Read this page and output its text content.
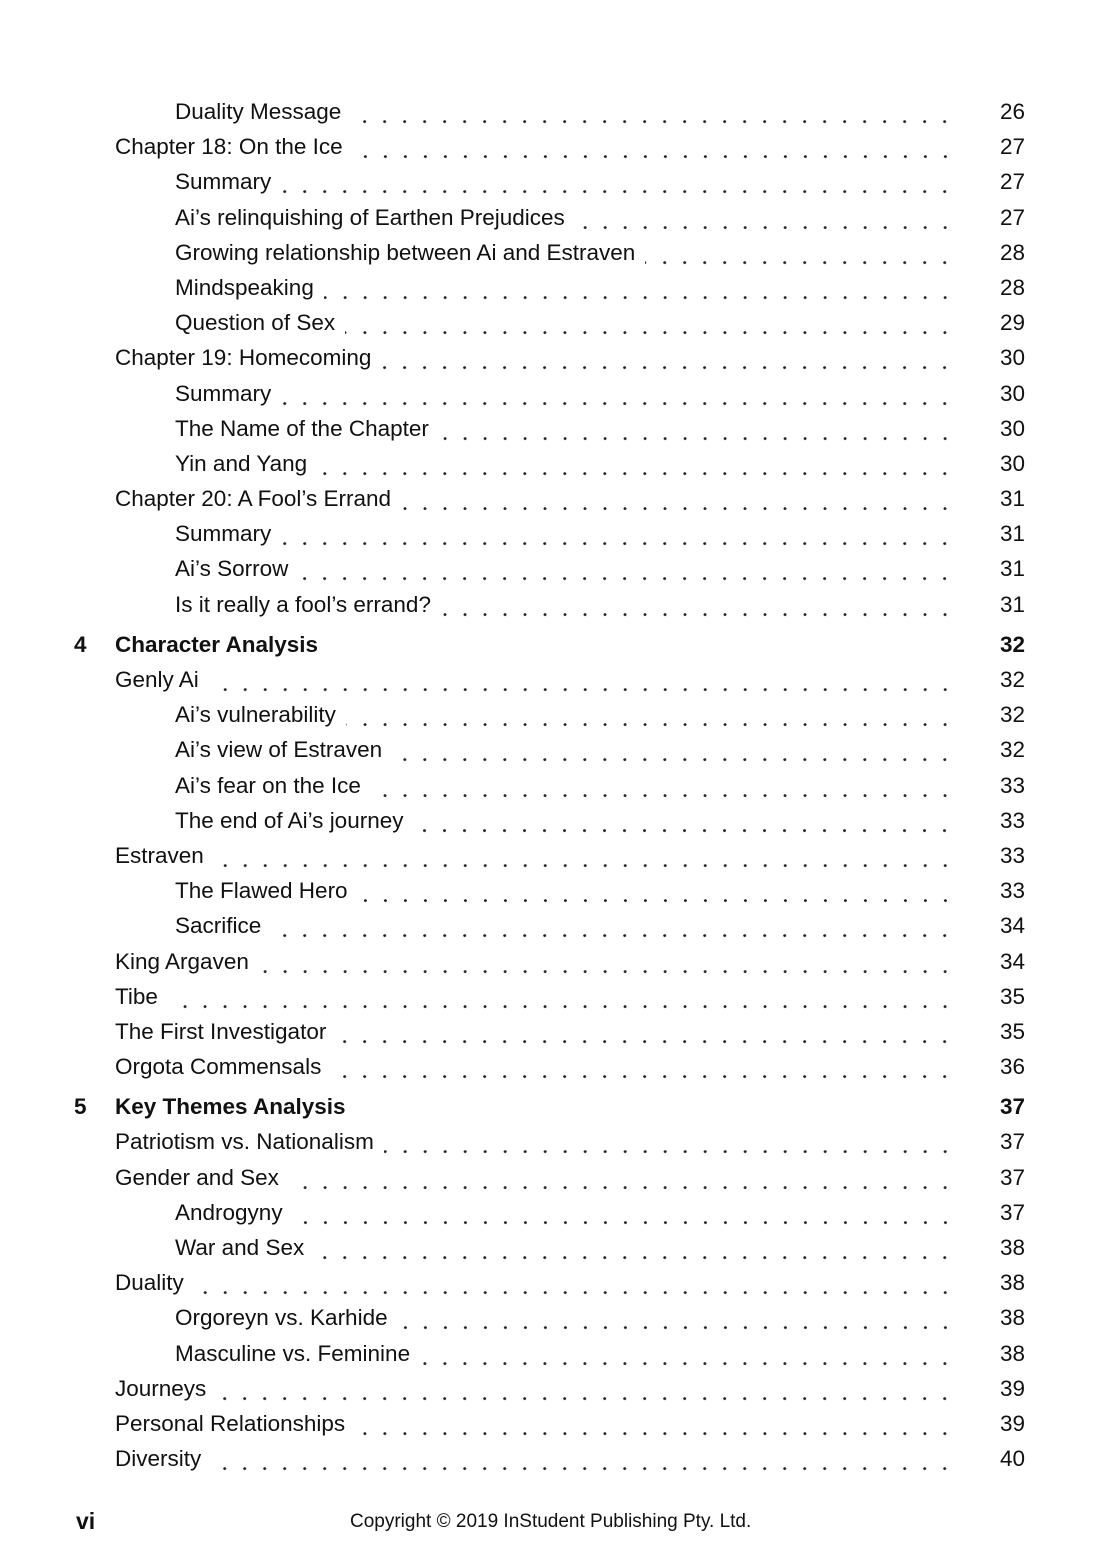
Duality Message	26
Chapter 18: On the Ice	27
Summary	27
Ai’s relinquishing of Earthen Prejudices	27
Growing relationship between Ai and Estraven	28
Mindspeaking	28
Question of Sex	29
Chapter 19: Homecoming	30
Summary	30
The Name of the Chapter	30
Yin and Yang	30
Chapter 20: A Fool’s Errand	31
Summary	31
Ai’s Sorrow	31
Is it really a fool’s errand?	31
4	Character Analysis	32
Genly Ai	32
Ai’s vulnerability	32
Ai’s view of Estraven	32
Ai’s fear on the Ice	33
The end of Ai’s journey	33
Estraven	33
The Flawed Hero	33
Sacrifice	34
King Argaven	34
Tibe	35
The First Investigator	35
Orgota Commensals	36
5	Key Themes Analysis	37
Patriotism vs. Nationalism	37
Gender and Sex	37
Androgyny	37
War and Sex	38
Duality	38
Orgoreyn vs. Karhide	38
Masculine vs. Feminine	38
Journeys	39
Personal Relationships	39
Diversity	40
vi	Copyright © 2019 InStudent Publishing Pty. Ltd.
